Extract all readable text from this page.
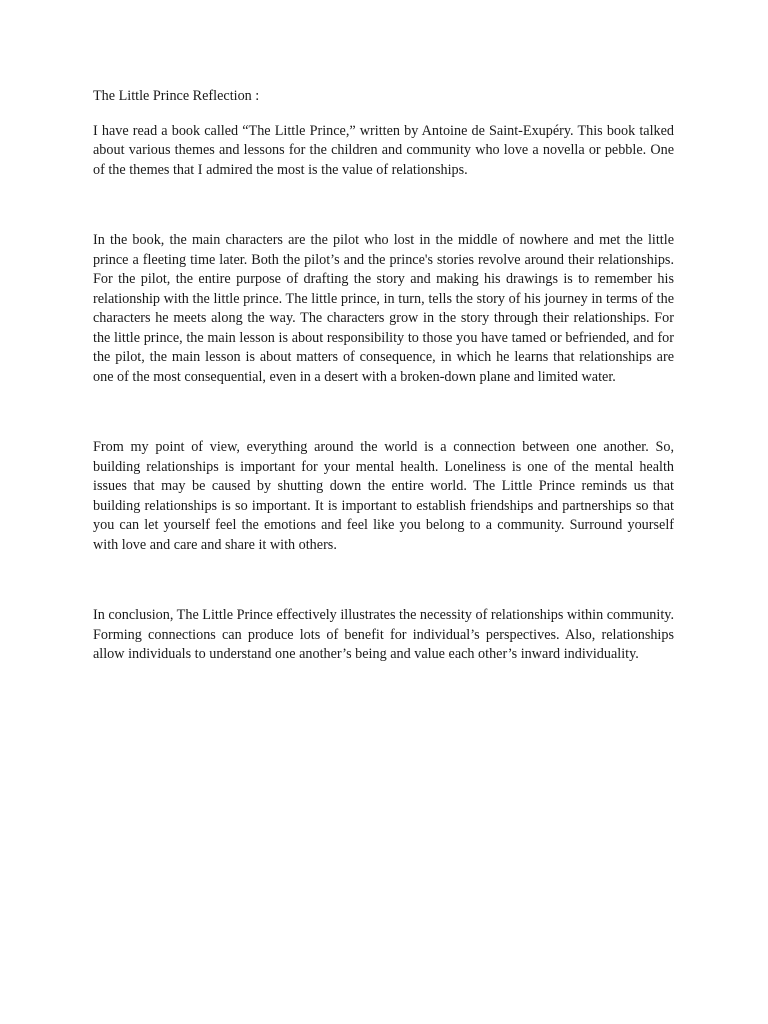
The Little Prince Reflection :

I have read a book called “The Little Prince,” written by Antoine de Saint-Exupéry. This book talked about various themes and lessons for the children and community who love a novella or pebble. One of the themes that I admired the most is the value of relationships.

In the book, the main characters are the pilot who lost in the middle of nowhere and met the little prince a fleeting time later. Both the pilot’s and the prince's stories revolve around their relationships. For the pilot, the entire purpose of drafting the story and making his drawings is to remember his relationship with the little prince. The little prince, in turn, tells the story of his journey in terms of the characters he meets along the way. The characters grow in the story through their relationships. For the little prince, the main lesson is about responsibility to those you have tamed or befriended, and for the pilot, the main lesson is about matters of consequence, in which he learns that relationships are one of the most consequential, even in a desert with a broken-down plane and limited water.

From my point of view, everything around the world is a connection between one another. So, building relationships is important for your mental health. Loneliness is one of the mental health issues that may be caused by shutting down the entire world. The Little Prince reminds us that building relationships is so important. It is important to establish friendships and partnerships so that you can let yourself feel the emotions and feel like you belong to a community. Surround yourself with love and care and share it with others.

In conclusion, The Little Prince effectively illustrates the necessity of relationships within community. Forming connections can produce lots of benefit for individual’s perspectives. Also, relationships allow individuals to understand one another’s being and value each other’s inward individuality.
